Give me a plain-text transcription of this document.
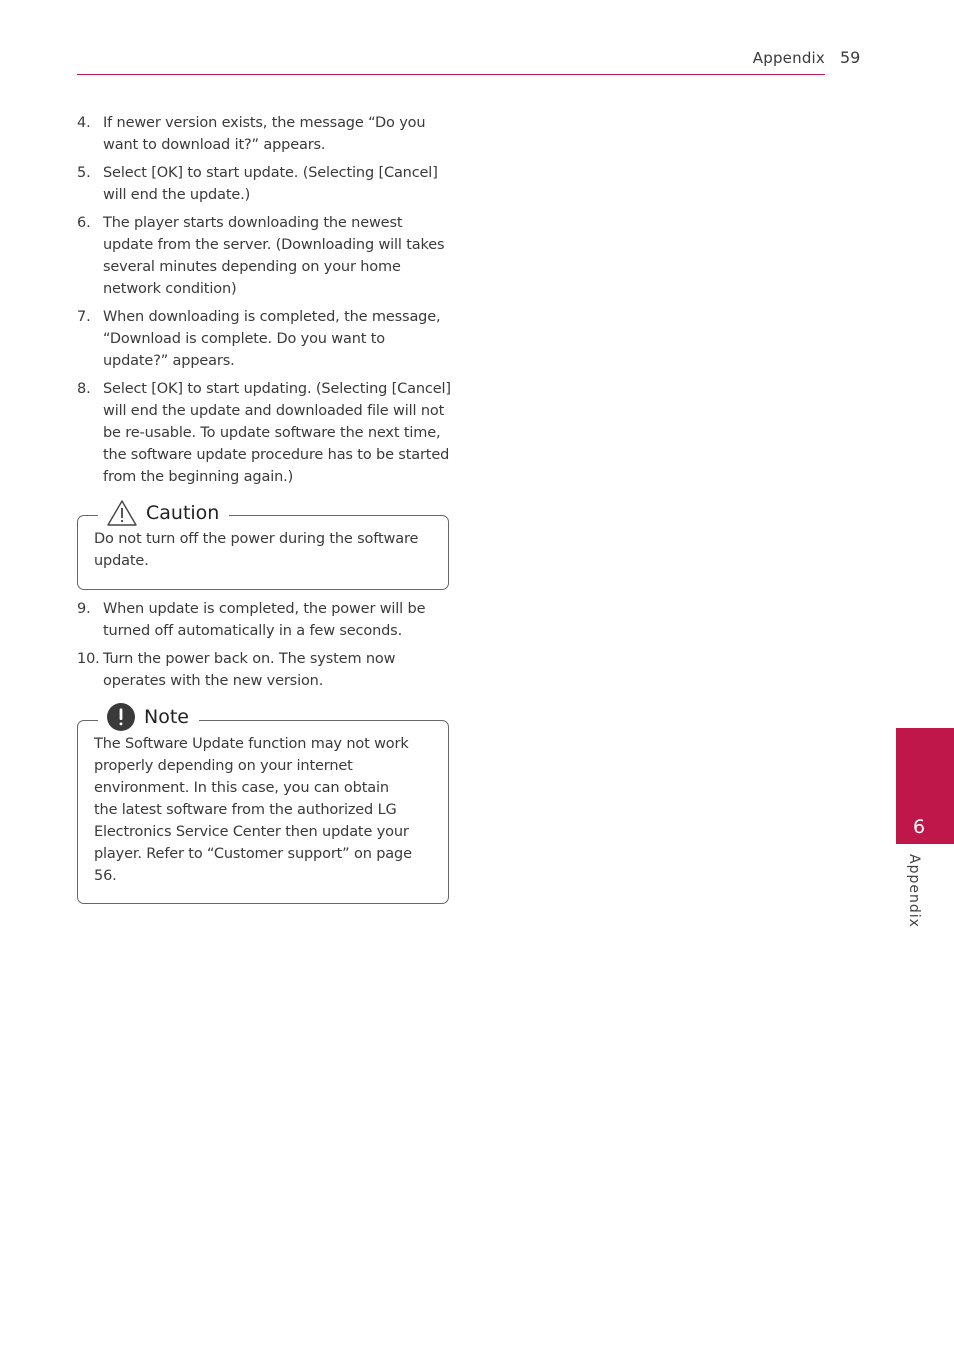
Appendix 59
4. If newer version exists, the message “Do you want to download it?” appears.
5. Select [OK] to start update. (Selecting [Cancel] will end the update.)
6. The player starts downloading the newest update from the server. (Downloading will takes several minutes depending on your home network condition)
7. When downloading is completed, the message, “Download is complete. Do you want to update?” appears.
8. Select [OK] to start updating. (Selecting [Cancel] will end the update and downloaded file will not be re-usable. To update software the next time, the software update procedure has to be started from the beginning again.)
Do not turn off the power during the software update.
Caution
9. When update is completed, the power will be turned off automatically in a few seconds.
10. Turn the power back on. The system now operates with the new version.
The Software Update function may not work properly depending on your internet environment. In this case, you can obtain the latest software from the authorized LG Electronics Service Center then update your player. Refer to “Customer support” on page 56.
Note
6
Appendix
